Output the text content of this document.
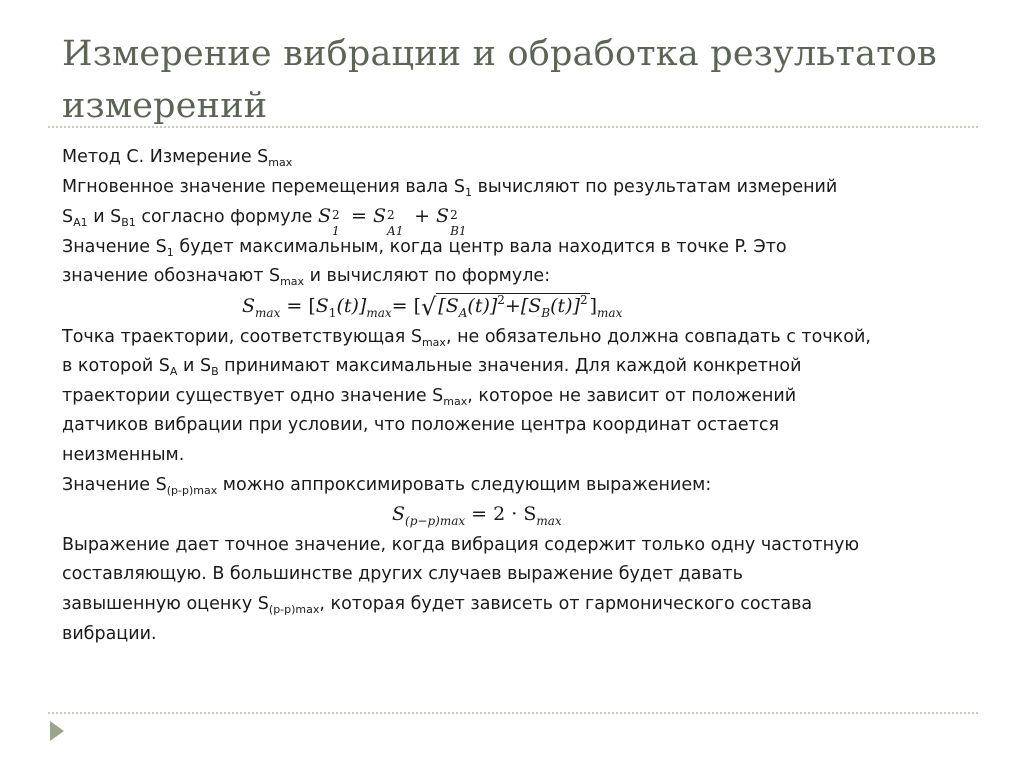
Измерение вибрации и обработка результатов измерений

Метод С. Измерение $S_{max}$

Мгновенное значение перемещения вала $S_1$ вычисляют по результатам измерений

$S_{A1}$ и $S_{B1}$ согласно формуле S 2
1
= S 2
A1
+ S 2
B1

Значение $S_1$ будет максимальным, когда центр вала находится в точке P. Это

значение обозначают $S_{max}$ и вычисляют по формуле:

$S_{max} = [S_1(t)]_{max}=$ [√ $[S_A(t)]^2+[S_B(t)]^2$ ]$_{max}$

Точка траектории, соответствующая $S_{max}$, не обязательно должна совпадать с точкой,

в которой $S_A$ и $S_B$ принимают максимальные значения. Для каждой конкретной

траектории существует одно значение $S_{max}$, которое не зависит от положений

датчиков вибрации при условии, что положение центра координат остается

неизменным.

Значение $S_{(p-p)max}$ можно аппроксимировать следующим выражением:

$S_{(p-p)max} = 2 \cdot S_{max}$

Выражение дает точное значение, когда вибрация содержит только одну частотную

составляющую. В большинстве других случаев выражение будет давать

завышенную оценку $S_{(p-p)max}$, которая будет зависеть от гармонического состава

вибрации.
